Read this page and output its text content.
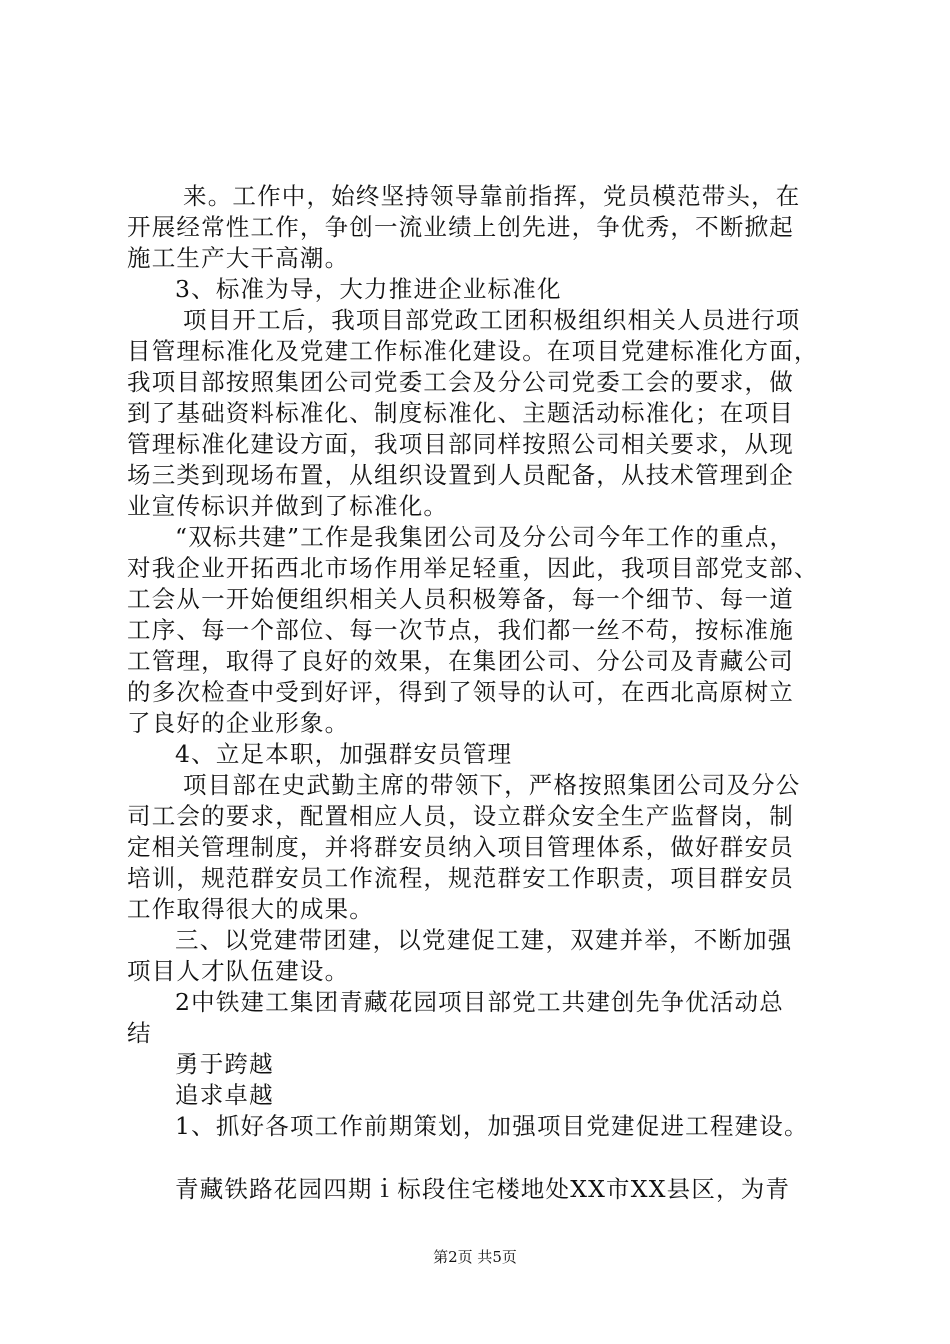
来。工作中，始终坚持领导靠前指挥，党员模范带头，在
开展经常性工作，争创一流业绩上创先进，争优秀，不断掀起
施工生产大干高潮。
3、标准为导，大力推进企业标准化
项目开工后，我项目部党政工团积极组织相关人员进行项
目管理标准化及党建工作标准化建设。在项目党建标准化方面，
我项目部按照集团公司党委工会及分公司党委工会的要求，做
到了基础资料标准化、制度标准化、主题活动标准化；在项目
管理标准化建设方面，我项目部同样按照公司相关要求，从现
场三类到现场布置，从组织设置到人员配备，从技术管理到企
业宣传标识并做到了标准化。
“双标共建”工作是我集团公司及分公司今年工作的重点，
对我企业开拓西北市场作用举足轻重，因此，我项目部党支部、
工会从一开始便组织相关人员积极筹备，每一个细节、每一道
工序、每一个部位、每一次节点，我们都一丝不苟，按标准施
工管理，取得了良好的效果，在集团公司、分公司及青藏公司
的多次检查中受到好评，得到了领导的认可，在西北高原树立
了良好的企业形象。
4、立足本职，加强群安员管理
项目部在史武勤主席的带领下，严格按照集团公司及分公
司工会的要求，配置相应人员，设立群众安全生产监督岗，制
定相关管理制度，并将群安员纳入项目管理体系，做好群安员
培训，规范群安员工作流程，规范群安工作职责，项目群安员
工作取得很大的成果。
三、以党建带团建，以党建促工建，双建并举，不断加强
项目人才队伍建设。
2中铁建工集团青藏花园项目部党工共建创先争优活动总
结
勇于跨越
追求卓越
1、抓好各项工作前期策划，加强项目党建促进工程建设。
青藏铁路花园四期ｉ标段住宅楼地处XX市XX县区，为青
第2页 共5页
